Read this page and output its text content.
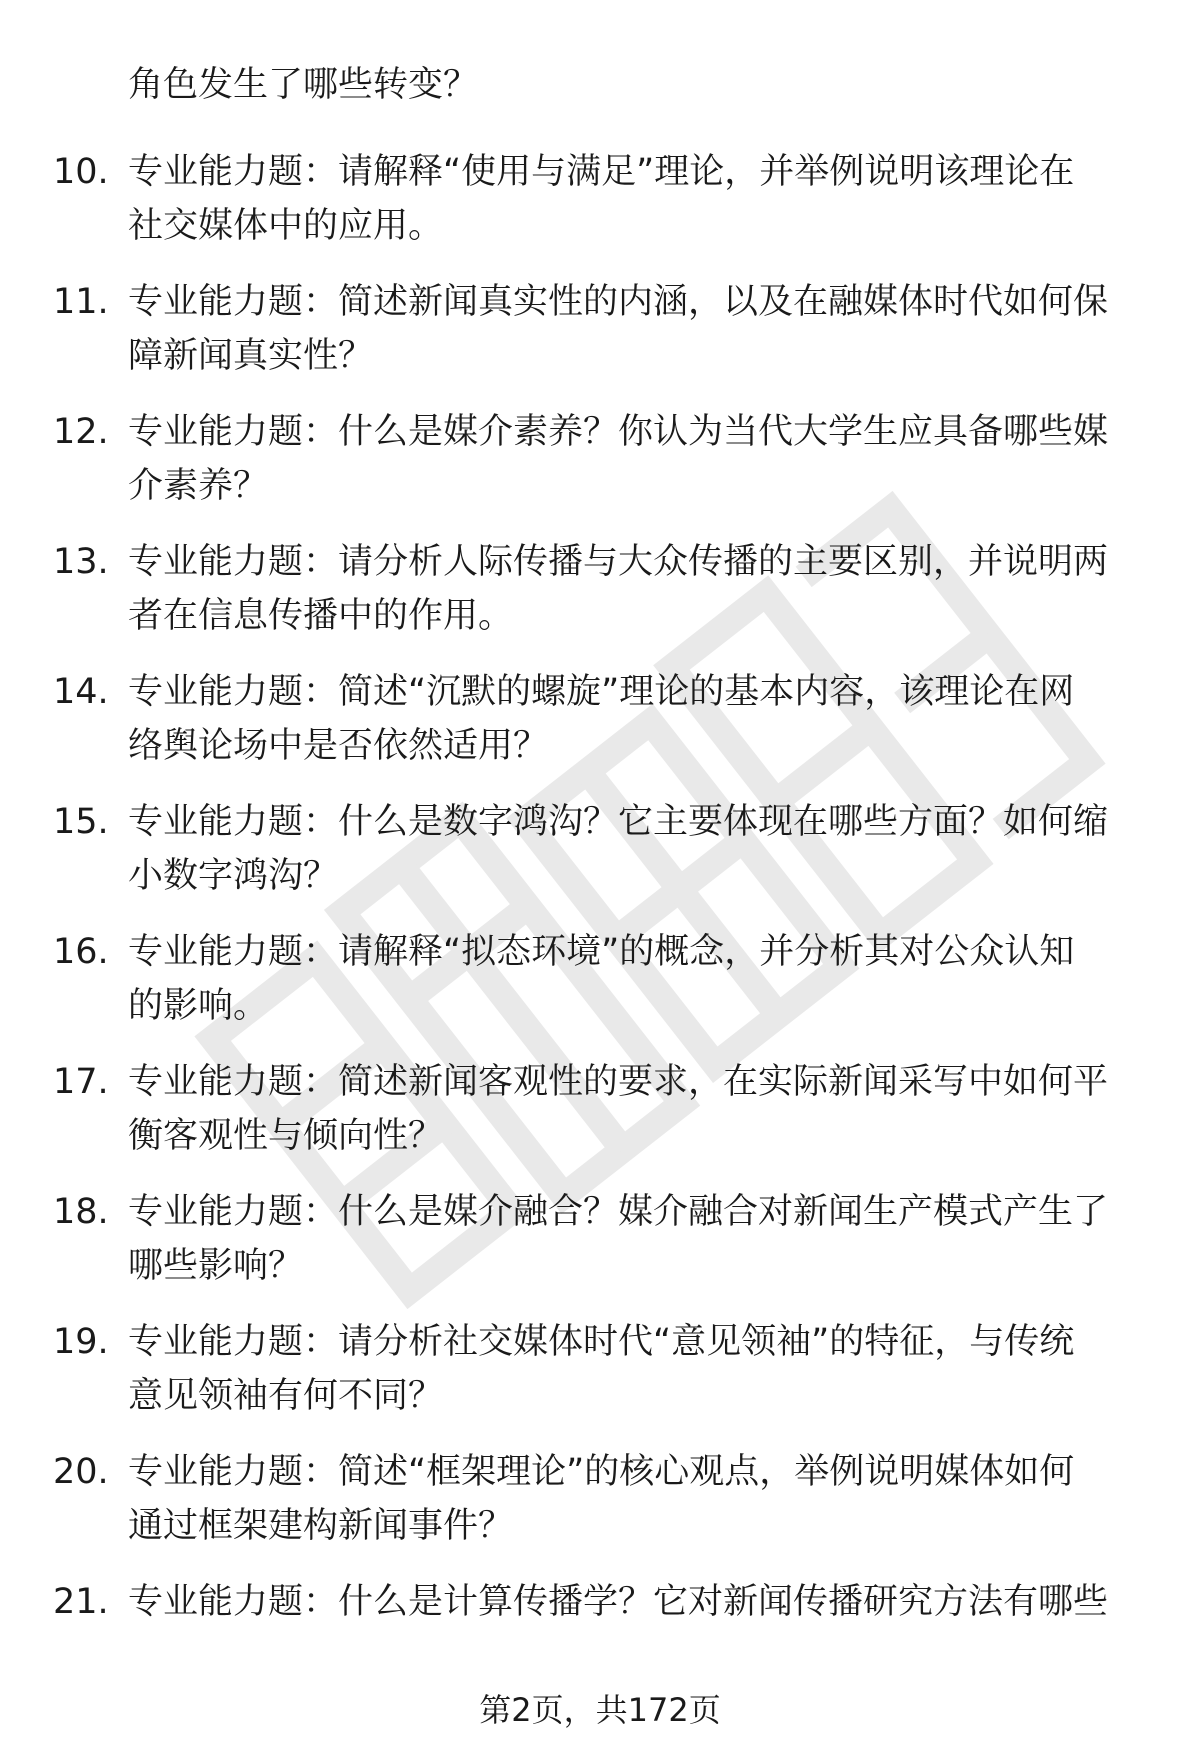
角色发生了哪些转变？
10. 专业能力题：请解释“使用与满足”理论，并举例说明该理论在
社交媒体中的应用。
11. 专业能力题：简述新闻真实性的内涵，以及在融媒体时代如何保
障新闻真实性？
12. 专业能力题：什么是媒介素养？你认为当代大学生应具备哪些媒
介素养？
13. 专业能力题：请分析人际传播与大众传播的主要区别，并说明两
者在信息传播中的作用。
14. 专业能力题：简述“沉默的螺旋”理论的基本内容，该理论在网
络舆论场中是否依然适用？
15. 专业能力题：什么是数字鸿沟？它主要体现在哪些方面？如何缩
小数字鸿沟？
16. 专业能力题：请解释“拟态环境”的概念，并分析其对公众认知
的影响。
17. 专业能力题：简述新闻客观性的要求，在实际新闻采写中如何平
衡客观性与倾向性？
18. 专业能力题：什么是媒介融合？媒介融合对新闻生产模式产生了
哪些影响？
19. 专业能力题：请分析社交媒体时代“意见领袖”的特征，与传统
意见领袖有何不同？
20. 专业能力题：简述“框架理论”的核心观点，举例说明媒体如何
通过框架建构新闻事件？
21. 专业能力题：什么是计算传播学？它对新闻传播研究方法有哪些
第2页，共172页
